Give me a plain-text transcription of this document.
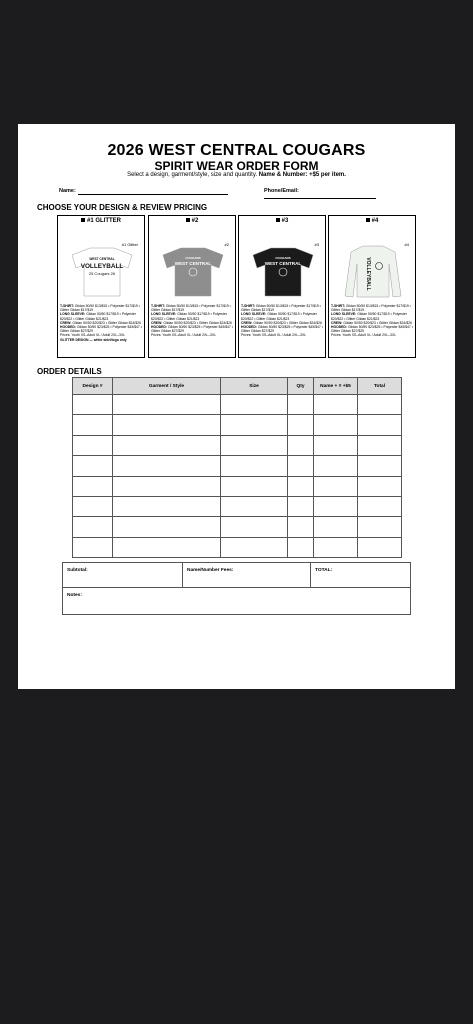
2026 WEST CENTRAL COUGARS
SPIRIT WEAR ORDER FORM
Select a design, garment/style, size and quantity. Name & Number: +$5 per item.
Name:	Phone/Email:
CHOOSE YOUR DESIGN & REVIEW PRICING
#1 GLITTER
WEST CENTRAL
VOLLEYBALL
25 Cougars 26
#1 Glitter
T-SHIRT: Gildan 50/50 $13/$15 • Polyester $17/$19 • Glitter Gildan $17/$19
LONG SLEEVE: Gildan 50/50 $17/$19 • Polyester $20/$22 • Glitter Gildan $21/$23
CREW: Gildan 50/50 $20/$23 • Glitter Gildan $24/$26
HOODED: Gildan 50/50 $23/$25 • Polyester $45/$47 • Glitter Gildan $27/$29
Prices: Youth XS–Adult XL / Adult 2XL–3XL
GLITTER DESIGN — white shirt/logo only
#2
COUGARS
WEST CENTRAL
#2
T-SHIRT: Gildan 50/50 $13/$15 • Polyester $17/$19 • Glitter Gildan $17/$19
LONG SLEEVE: Gildan 50/50 $17/$19 • Polyester $20/$22 • Glitter Gildan $21/$23
CREW: Gildan 50/50 $20/$23 • Glitter Gildan $24/$26
HOODED: Gildan 50/50 $23/$25 • Polyester $45/$47 • Glitter Gildan $27/$29
Prices: Youth XS–Adult XL / Adult 2XL–3XL
#3
COUGARS
WEST CENTRAL
#3
T-SHIRT: Gildan 50/50 $13/$15 • Polyester $17/$19 • Glitter Gildan $17/$19
LONG SLEEVE: Gildan 50/50 $17/$19 • Polyester $20/$22 • Glitter Gildan $21/$23
CREW: Gildan 50/50 $20/$23 • Glitter Gildan $24/$26
HOODED: Gildan 50/50 $23/$25 • Polyester $45/$47 • Glitter Gildan $27/$29
Prices: Youth XS–Adult XL / Adult 2XL–3XL
#4
VOLLEYBALL
#4
T-SHIRT: Gildan 50/50 $13/$15 • Polyester $17/$19 • Glitter Gildan $17/$19
LONG SLEEVE: Gildan 50/50 $17/$19 • Polyester $20/$22 • Glitter Gildan $21/$23
CREW: Gildan 50/50 $20/$23 • Glitter Gildan $24/$26
HOODED: Gildan 50/50 $23/$25 • Polyester $45/$47 • Glitter Gildan $27/$29
Prices: Youth XS–Adult XL / Adult 2XL–3XL
ORDER DETAILS
Design #	Garment / Style	Size	Qty	Name + # +$5	Total

Subtotal:	Name/Number Fees:	TOTAL:
Notes:
